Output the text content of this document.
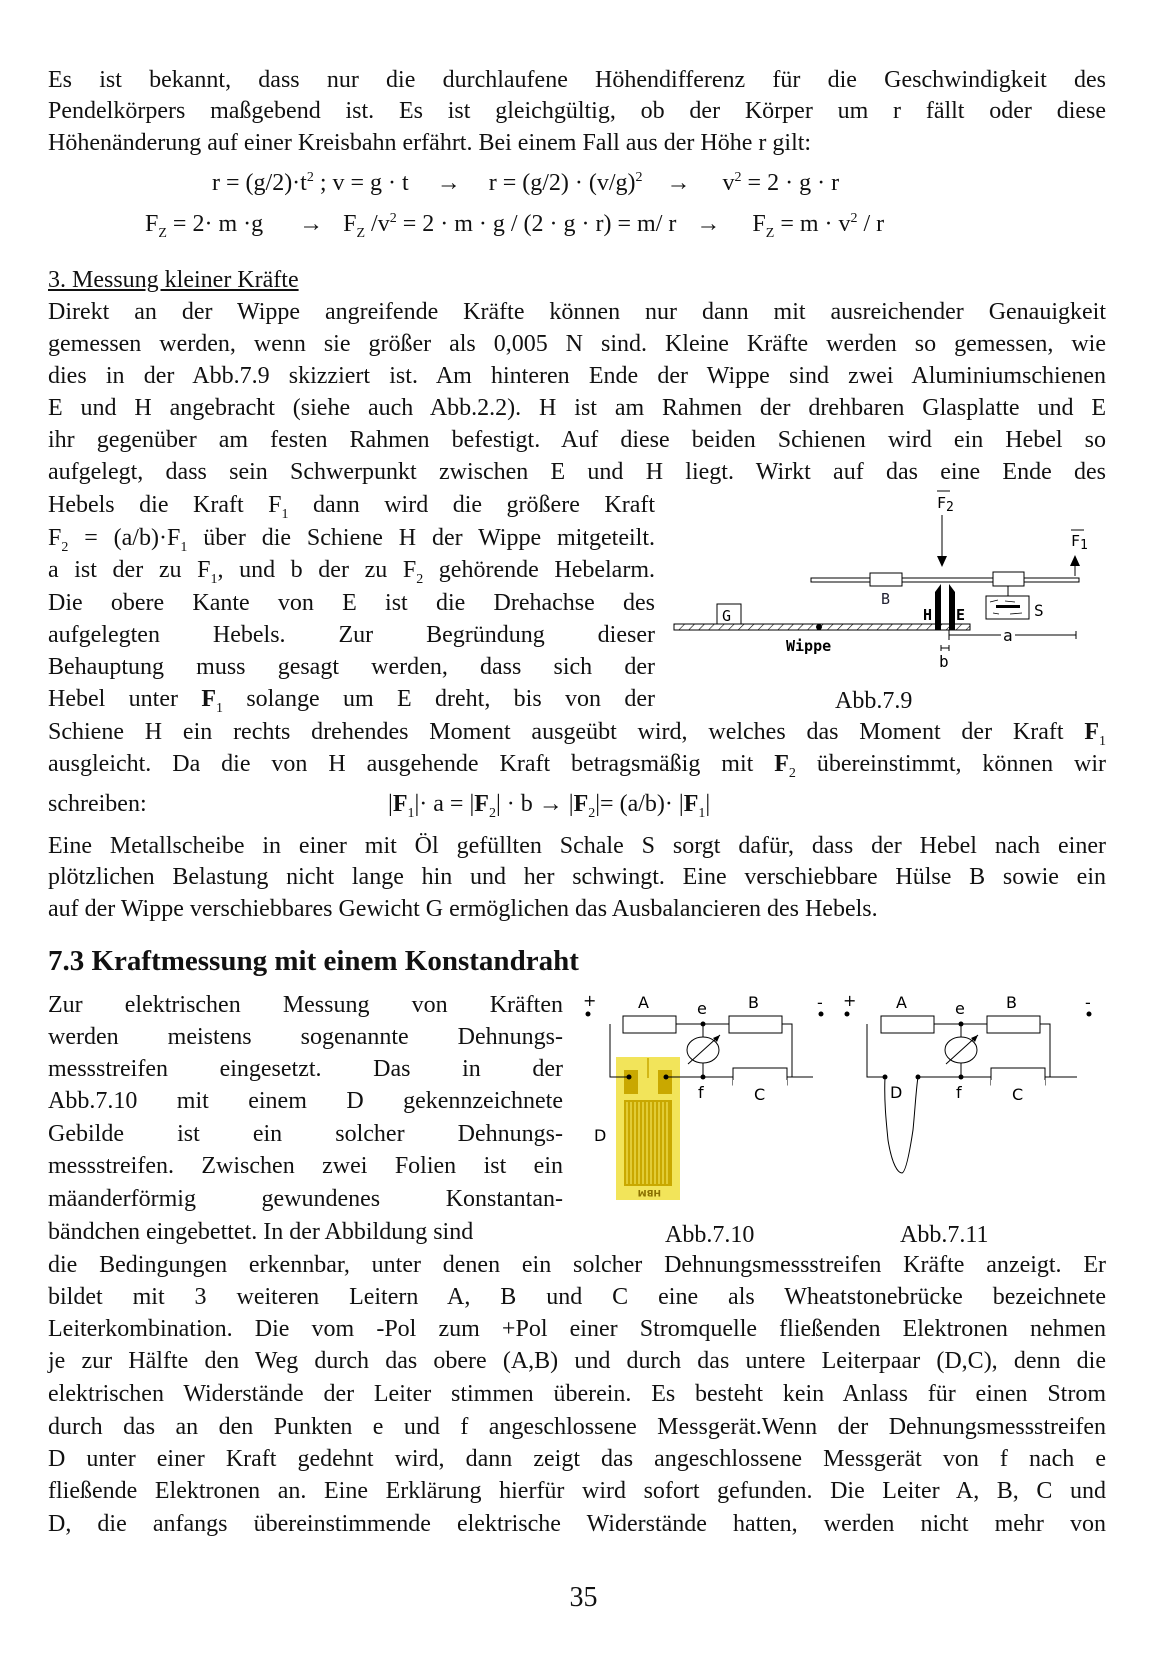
Es ist bekannt, dass nur die durchlaufene Höhendifferenz für die Geschwindigkeit des
Pendelkörpers maßgebend ist. Es ist gleichgültig, ob der Körper um r fällt oder diese
Höhenänderung auf einer Kreisbahn erfährt. Bei einem Fall aus der Höhe r gilt:
$r = (g/2)\cdot t^2$ ; $v = g \cdot t \to r = (g/2) \cdot (v/g)^2 \to v^2 = 2 \cdot g \cdot r$
$F_Z = 2\cdot m \cdot g \to F_Z$ $/v^2 = 2 \cdot m \cdot g / (2 \cdot g \cdot r) = m/$ $r \to F_Z = m \cdot v^2 / r$
3. Messung kleiner Kräfte
Direkt an der Wippe angreifende Kräfte können nur dann mit ausreichender Genauigkeit
gemessen werden, wenn sie größer als 0,005 N sind. Kleine Kräfte werden so gemessen, wie
dies in der Abb.7.9 skizziert ist. Am hinteren Ende der Wippe sind zwei Aluminiumschienen
E und H angebracht (siehe auch Abb.2.2). H ist am Rahmen der drehbaren Glasplatte und E
ihr gegenüber am festen Rahmen befestigt. Auf diese beiden Schienen wird ein Hebel so
aufgelegt, dass sein Schwerpunkt zwischen E und H liegt. Wirkt auf das eine Ende des
Hebels die Kraft $F_1$ dann wird die größere Kraft
$F_2 = (a/b)\cdot F_1$ über die Schiene H der Wippe mitgeteilt.
a ist der zu $F_1$, und b der zu $F_2$ gehörende Hebelarm.
Die obere Kante von E ist die Drehachse des
aufgelegten Hebels. Zur Begründung dieser
Behauptung muss gesagt werden, dass sich der
Hebel unter $F_1$ solange um E dreht, bis von der
G
B
H E
F2
S
F1
a
b
Wippe
Abb.7.9
Schiene H ein rechts drehendes Moment ausgeübt wird, welches das Moment der Kraft $F_1$
ausgleicht. Da die von H ausgehende Kraft betragsmäßig mit $F_2$ übereinstimmt, können wir
schreiben:	$|F_1|\cdot a = |F_2| \cdot b \to |F_2|= (a/b)\cdot |F_1|$
Eine Metallscheibe in einer mit Öl gefüllten Schale S sorgt dafür, dass der Hebel nach einer
plötzlichen Belastung nicht lange hin und her schwingt. Eine verschiebbare Hülse B sowie ein
auf der Wippe verschiebbares Gewicht G ermöglichen das Ausbalancieren des Hebels.
7.3 Kraftmessung mit einem Konstandraht
Zur elektrischen Messung von Kräften
werden meistens sogenannte Dehnungs-
messstreifen eingesetzt. Das in der
Abb.7.10 mit einem D gekennzeichnete
Gebilde ist ein solcher Dehnungs-
messstreifen. Zwischen zwei Folien ist ein
mäanderförmig gewundenes Konstantan-
bändchen eingebettet. In der Abbildung sind
+
HBM
A	e	B
f	C
D
-
Abb.7.10
+
D
A	e	B
f	C
-
Abb.7.11
die Bedingungen erkennbar, unter denen ein solcher Dehnungsmessstreifen Kräfte anzeigt. Er
bildet mit 3 weiteren Leitern A, B und C eine als Wheatstonebrücke bezeichnete
Leiterkombination. Die vom -Pol zum +Pol einer Stromquelle fließenden Elektronen nehmen
je zur Hälfte den Weg durch das obere (A,B) und durch das untere Leiterpaar (D,C), denn die
elektrischen Widerstände der Leiter stimmen überein. Es besteht kein Anlass für einen Strom
durch das an den Punkten e und f angeschlossene Messgerät.Wenn der Dehnungsmessstreifen
D unter einer Kraft gedehnt wird, dann zeigt das angeschlossene Messgerät von f nach e
fließende Elektronen an. Eine Erklärung hierfür wird sofort gefunden. Die Leiter A, B, C und
D, die anfangs übereinstimmende elektrische Widerstände hatten, werden nicht mehr von
35
